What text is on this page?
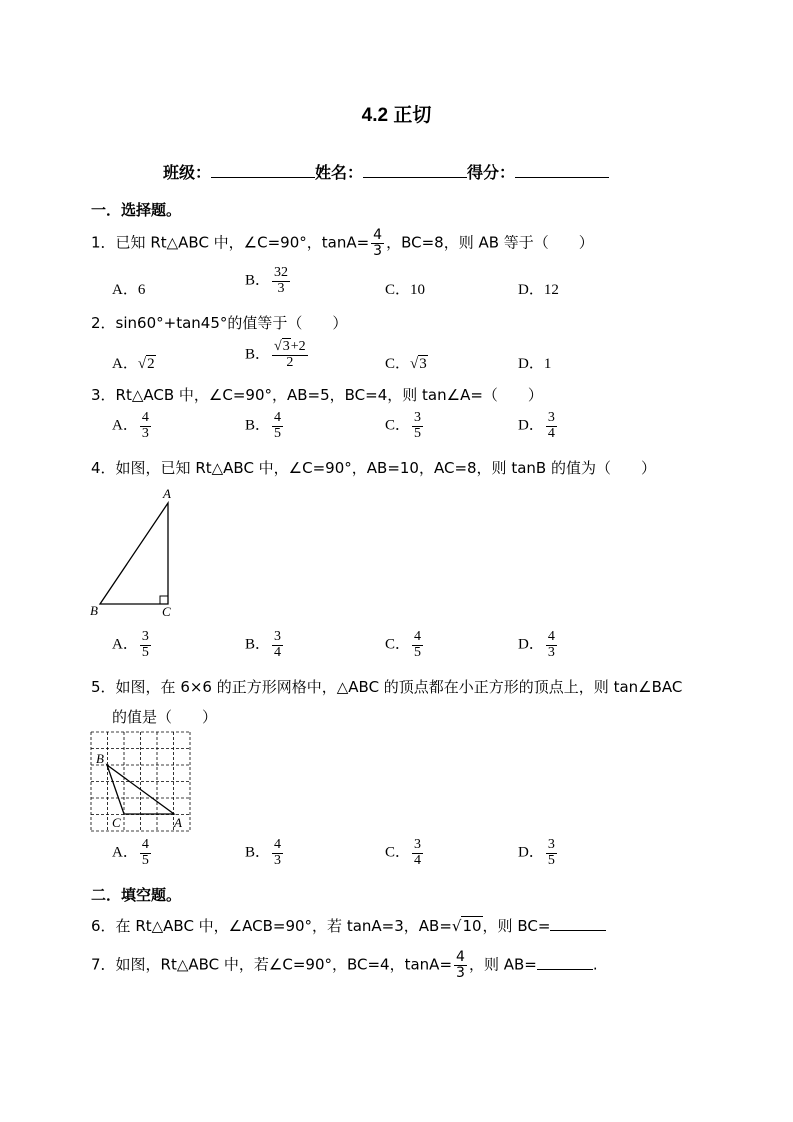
4.2 正切
班级：	姓名：	得分：
一．选择题。
1．已知 Rt△ABC 中，∠C=90°，$\tan A= \frac{4}{3}$ ，BC=8，则 AB 等于（　　）
A．6
B． $\frac{32}{3}$	C．10	D．12
2．sin60°+tan45°的值等于（　　）
A．√2
B． $\frac{√3+2}{2}$	C．√3	D．1
3．Rt△ACB 中，∠C=90°，AB=5，BC=4，则 tan∠A=（　　）
A． $\frac{4}{3}$	B． $\frac{4}{5}$	C． $\frac{3}{5}$	D． $\frac{3}{4}$
4．如图，已知 Rt△ABC 中，∠C=90°，AB=10，AC=8，则 tanB 的值为（　　）
A
B	C
A． $\frac{3}{5}$	B． $\frac{3}{4}$	C． $\frac{4}{5}$	D． $\frac{4}{3}$
5．如图，在 6×6 的正方形网格中，△ABC 的顶点都在小正方形的顶点上，则 tan∠BAC
的值是（　　）
B
C	A
A． $\frac{4}{5}$	B． $\frac{4}{3}$	C． $\frac{3}{4}$	D． $\frac{3}{5}$
二．填空题。
6．在 Rt△ABC 中，∠ACB=90°，若 tanA=3，AB=√10，则 BC=
7．如图，Rt△ABC 中，若∠C=90°，BC=4，$\tan A= \frac{4}{3}$ ，则 AB=	.
